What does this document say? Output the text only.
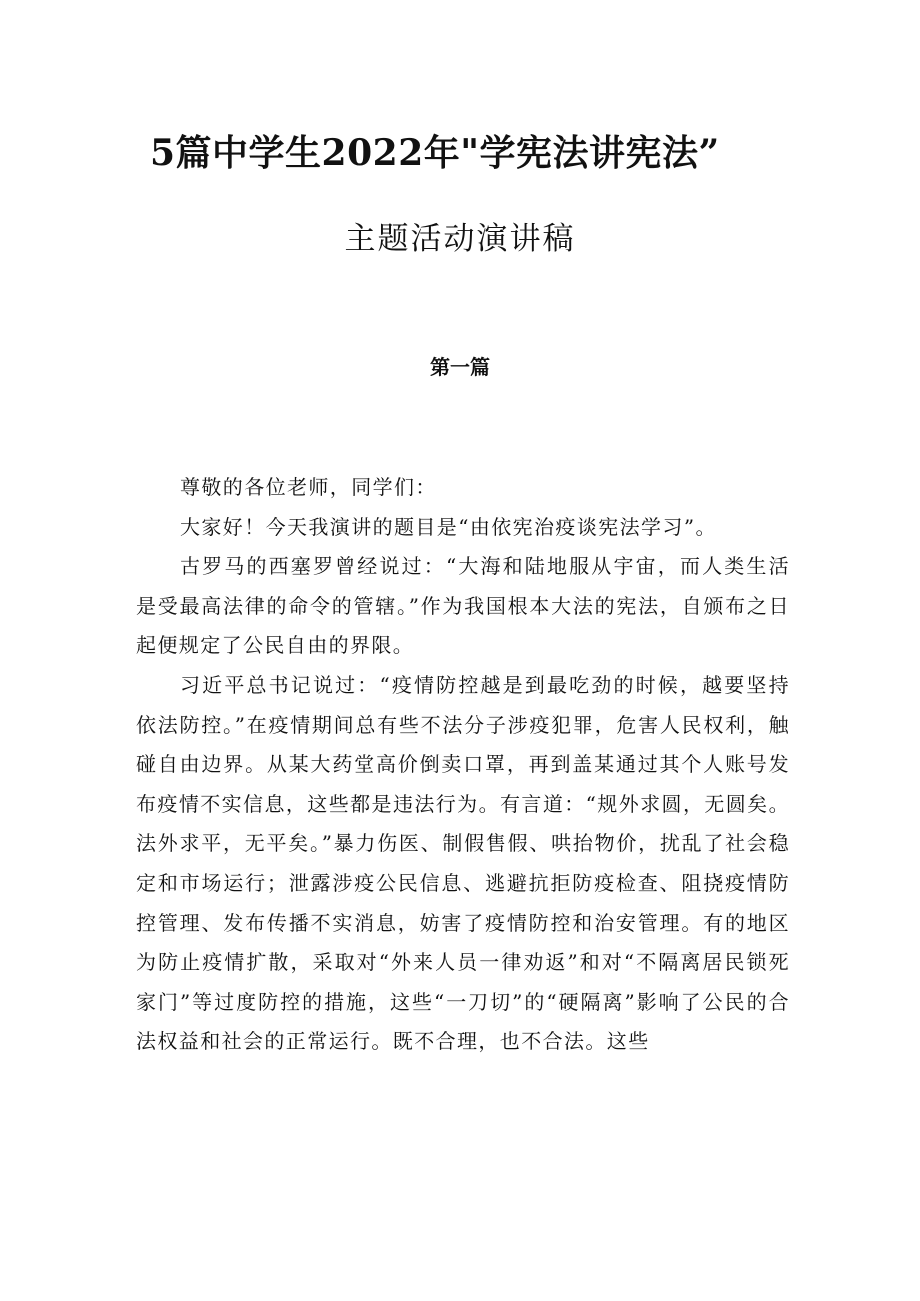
5篇中学生2022年"学宪法讲宪法”
主题活动演讲稿
第一篇

尊敬的各位老师，同学们：

大家好！今天我演讲的题目是“由依宪治疫谈宪法学习”。

古罗马的西塞罗曾经说过：“大海和陆地服从宇宙，而人类生活是受最高法律的命令的管辖。”作为我国根本大法的宪法，自颁布之日起便规定了公民自由的界限。

习近平总书记说过：“疫情防控越是到最吃劲的时候，越要坚持依法防控。”在疫情期间总有些不法分子涉疫犯罪，危害人民权利，触碰自由边界。从某大药堂高价倒卖口罩，再到盖某通过其个人账号发布疫情不实信息，这些都是违法行为。有言道：“规外求圆，无圆矣。法外求平，无平矣。”暴力伤医、制假售假、哄抬物价，扰乱了社会稳定和市场运行；泄露涉疫公民信息、逃避抗拒防疫检查、阻挠疫情防控管理、发布传播不实消息，妨害了疫情防控和治安管理。有的地区为防止疫情扩散，采取对“外来人员一律劝返”和对“不隔离居民锁死家门”等过度防控的措施，这些“一刀切”的“硬隔离”影响了公民的合法权益和社会的正常运行。既不合理，也不合法。这些
